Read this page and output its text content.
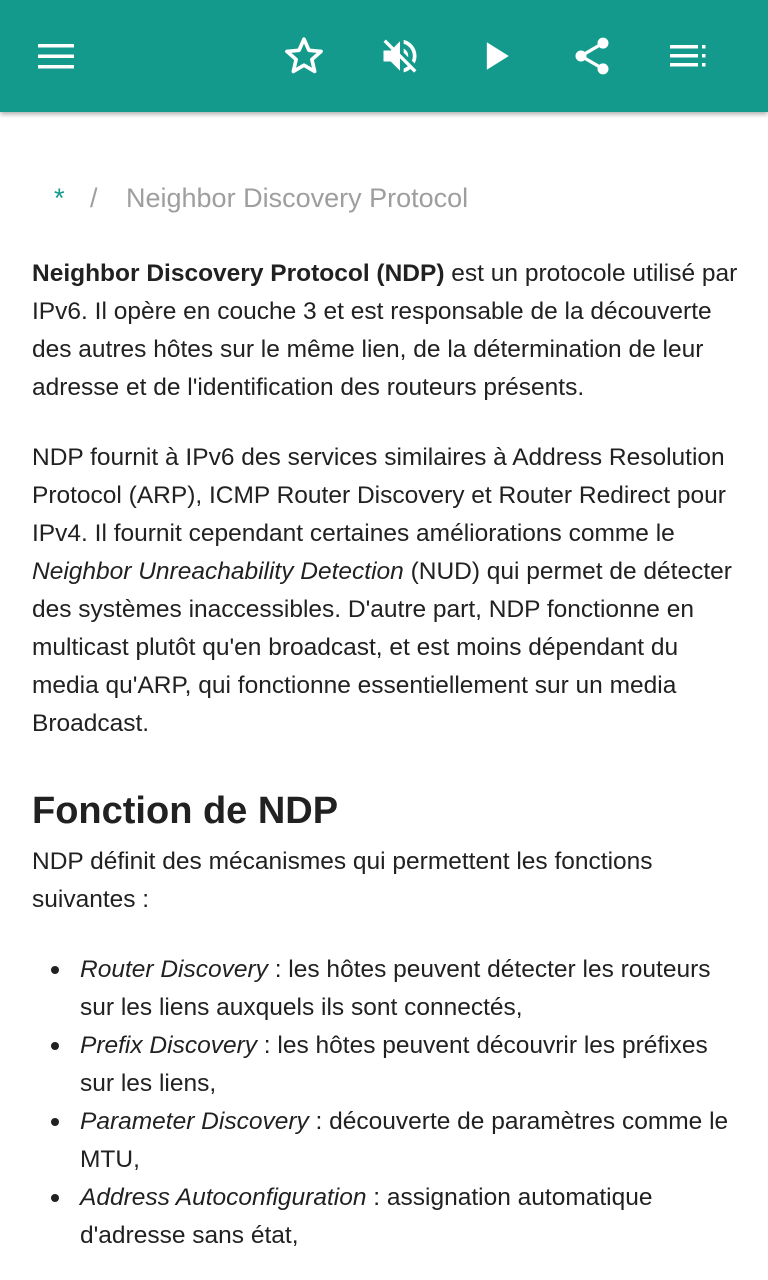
* / Neighbor Discovery Protocol

Neighbor Discovery Protocol (NDP) est un protocole utilisé par IPv6. Il opère en couche 3 et est responsable de la découverte des autres hôtes sur le même lien, de la détermination de leur adresse et de l'identification des routeurs présents.

NDP fournit à IPv6 des services similaires à Address Resolution Protocol (ARP), ICMP Router Discovery et Router Redirect pour IPv4. Il fournit cependant certaines améliorations comme le Neighbor Unreachability Detection (NUD) qui permet de détecter des systèmes inaccessibles. D'autre part, NDP fonctionne en multicast plutôt qu'en broadcast, et est moins dépendant du media qu'ARP, qui fonctionne essentiellement sur un media Broadcast.

Fonction de NDP

NDP définit des mécanismes qui permettent les fonctions suivantes :

Router Discovery : les hôtes peuvent détecter les routeurs sur les liens auxquels ils sont connectés,
Prefix Discovery : les hôtes peuvent découvrir les préfixes sur les liens,
Parameter Discovery : découverte de paramètres comme le MTU,
Address Autoconfiguration : assignation automatique d'adresse sans état,
